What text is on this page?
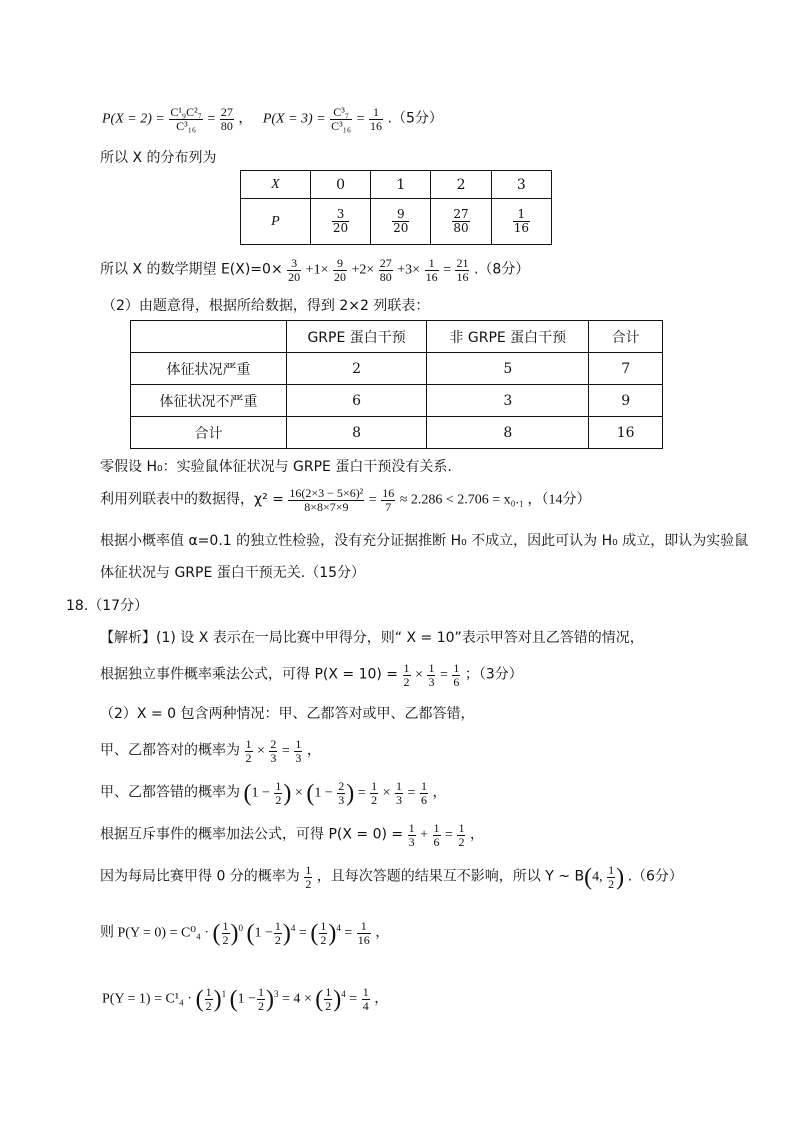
$P(X = 2) = \frac{\text{C¹₉C²₇}}{\text{C³₁₆}} = \frac{27}{80}$ ， $P(X = 3) = \frac{\text{C³₇}}{\text{C³₁₆}} = \frac{1}{16} .(5$分）
所以 X 的分布列为
X	0	1	2	3
P	$\frac{3}{20}$	$\frac{9}{20}$	$\frac{27}{80}$	$\frac{1}{16}$
所以 X 的数学期望 $E(X)=0\times \frac{3}{20} +1\times \frac{9}{20} +2\times \frac{27}{80} +3\times \frac{1}{16} = \frac{21}{16} .(8$分）
（2）由题意得，根据所给数据，得到 2×2 列联表：
	GRPE 蛋白干预	非 GRPE 蛋白干预	合计
体征状况严重	2	5	7
体征状况不严重	6	3	9
合计	8	8	16
零假设 H₀：实验鼠体征状况与 GRPE 蛋白干预没有关系.
利用列联表中的数据得，$\chi^2 = \frac{\text{16(2×3 − 5×6)²}}{8\times 8\times 7\times 9} = \frac{16}{7} \approx 2.286 < 2.706 = x_0._1$ ，（14分）
根据小概率值 α=0.1 的独立性检验，没有充分证据推断 H₀ 不成立，因此可认为 H₀ 成立，即认为实验鼠
体征状况与 GRPE 蛋白干预无关.（15分）
18.（17分）
【解析】(1) 设 X 表示在一局比赛中甲得分，则“ X = 10”表示甲答对且乙答错的情况，
根据独立事件概率乘法公式，可得 $P(X = 10) = \frac{1}{2} \times \frac{1}{3} = \frac{1}{6}$ ；（3分）
（2）X = 0 包含两种情况：甲、乙都答对或甲、乙都答错，
甲、乙都答对的概率为 $\frac{1}{2} \times \frac{2}{3} = \frac{1}{3}$ ，
甲、乙都答错的概率为 ($1 - \frac{1}{2}$ ) × ($1 - \frac{2}{3}$ ) = $\frac{1}{2} \times \frac{1}{3} = \frac{1}{6}$ ，
根据互斥事件的概率加法公式，可得 $P(X = 0) = \frac{1}{3} + \frac{1}{6} = \frac{1}{2}$ ，
因为每局比赛甲得 0 分的概率为 $\frac{1}{2}$ ，且每次答题的结果互不影响，所以 Y ~ B(4, $\frac{1}{2}$ ) .（6分）
则 P(Y = 0) = C⁰₄ · ( $\frac{1}{2} )^0$ $(1 - \frac{1}{2} )^4$ = ( $\frac{1}{2} )^4 = \frac{1}{16}$ ，
P(Y = 1) = C¹₄ · ( $\frac{1}{2} )^1$ $(1 - \frac{1}{2} )^3 = 4$ × ( $\frac{1}{2} )^4 = \frac{1}{4}$ ，
